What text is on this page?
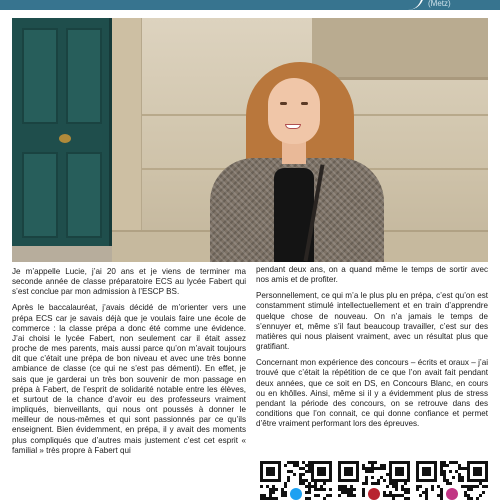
(Metz)

Je m’appelle Lucie, j’ai 20 ans et je viens de terminer ma seconde année de classe préparatoire ECS au lycée Fabert qui s’est conclue par mon admission à l’ESCP BS.

Après le baccalauréat, j’avais décidé de m’orienter vers une prépa ECS car je savais déjà que je voulais faire une école de commerce : la classe prépa a donc été comme une évidence. J’ai choisi le lycée Fabert, non seulement car il était assez proche de mes parents, mais aussi parce qu’on m’avait toujours dit que c’était une prépa de bon niveau et avec une très bonne ambiance de classe (ce qui ne s’est pas démenti). En effet, je sais que je garderai un très bon souvenir de mon passage en prépa à Fabert, de l’esprit de solidarité notable entre les élèves, et surtout de la chance d’avoir eu des professeurs vraiment impliqués, bienveillants, qui nous ont poussés à donner le meilleur de nous-mêmes et qui sont passionnés par ce qu’ils enseignent. Bien évidemment, en prépa, il y avait des moments plus compliqués que d’autres mais justement c’est cet esprit « familial » très propre à Fabert qui

pendant deux ans, on a quand même le temps de sortir avec nos amis et de profiter.

Personnellement, ce qui m’a le plus plu en prépa, c’est qu’on est constamment stimulé intellectuellement et en train d’apprendre quelque chose de nouveau. On n’a jamais le temps de s’ennuyer et, même s’il faut beaucoup travailler, c’est sur des matières qui nous plaisent vraiment, avec un résultat plus que gratifiant.

Concernant mon expérience des concours – écrits et oraux – j’ai trouvé que c’était la répétition de ce que l’on avait fait pendant deux années, que ce soit en DS, en Concours Blanc, en cours ou en khôlles. Ainsi, même si il y a évidemment plus de stress pendant la période des concours, on se retrouve dans des conditions que l’on connait, ce qui donne confiance et permet d’être vraiment performant lors des épreuves.
